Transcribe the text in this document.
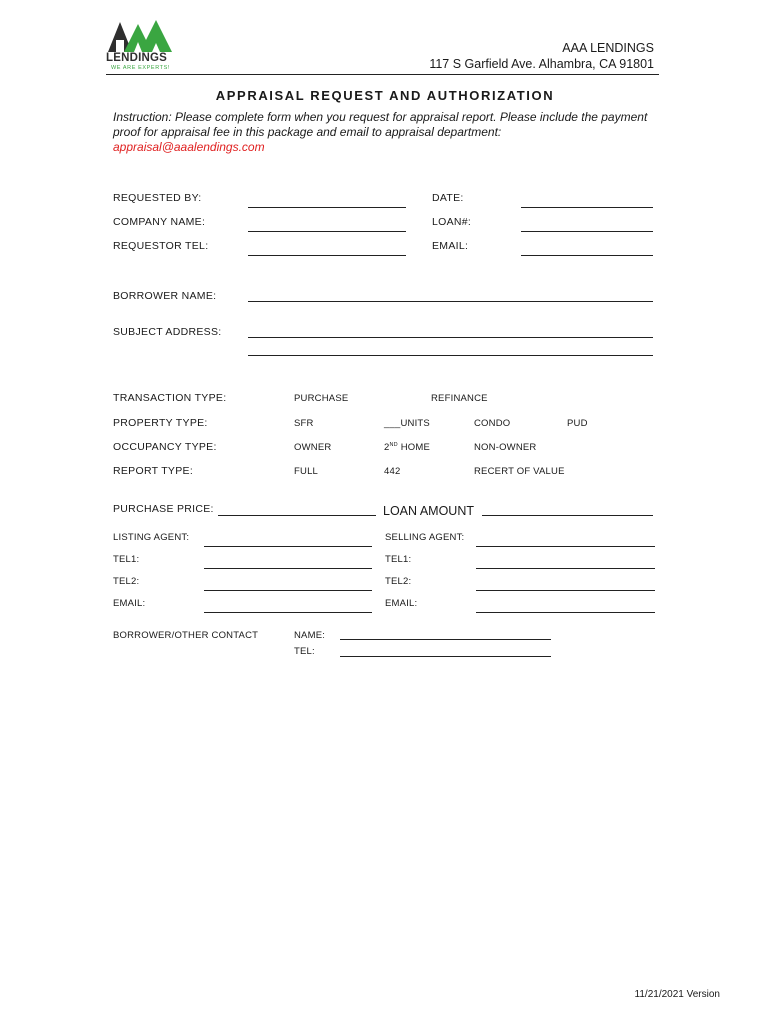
LENDINGS
WE ARE EXPERTS!
AAA LENDINGS
117 S Garfield Ave. Alhambra, CA 91801
APPRAISAL REQUEST AND AUTHORIZATION
Instruction: Please complete form when you request for appraisal report. Please include the payment proof for appraisal fee in this package and email to appraisal department:
appraisal@aaalendings.com
REQUESTED BY:	DATE:
COMPANY NAME:	LOAN#:
REQUESTOR TEL:	EMAIL:
BORROWER NAME:
SUBJECT ADDRESS:
TRANSACTION TYPE:	PURCHASE	REFINANCE
PROPERTY TYPE:	SFR	___UNITS	CONDO	PUD
OCCUPANCY TYPE:	OWNER	2ND HOME	NON-OWNER
REPORT TYPE:	FULL	442	RECERT OF VALUE
PURCHASE PRICE:	LOAN AMOUNT
LISTING AGENT:	SELLING AGENT:
TEL1:	TEL1:
TEL2:	TEL2:
EMAIL:	EMAIL:
BORROWER/OTHER CONTACT	NAME:
TEL:
11/21/2021 Version
